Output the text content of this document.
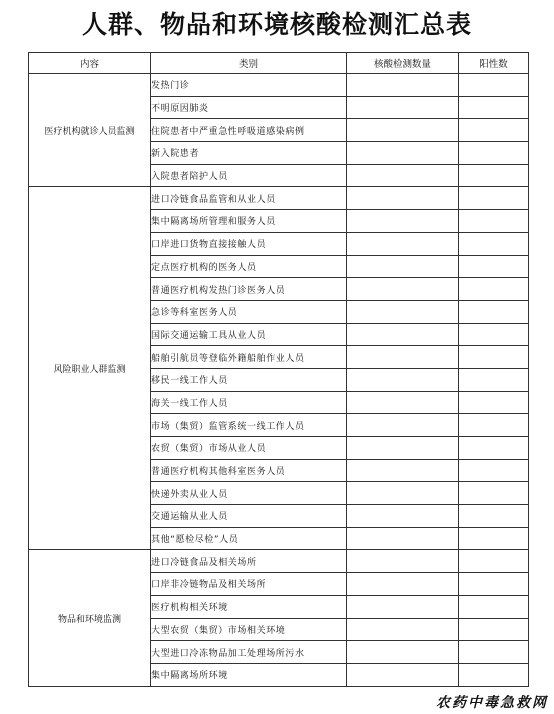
人群、物品和环境核酸检测汇总表
内容	类别	核酸检测数量	阳性数
医疗机构就诊人员监测	发热门诊		
	不明原因肺炎		
	住院患者中严重急性呼吸道感染病例		
	新入院患者		
	入院患者陪护人员		
风险职业人群监测	进口冷链食品监管和从业人员		
	集中隔离场所管理和服务人员		
	口岸进口货物直接接触人员		
	定点医疗机构的医务人员		
	普通医疗机构发热门诊医务人员		
	急诊等科室医务人员		
	国际交通运输工具从业人员		
	船舶引航员等登临外籍船舶作业人员		
	移民一线工作人员		
	海关一线工作人员		
	市场（集贸）监管系统一线工作人员		
	农贸（集贸）市场从业人员		
	普通医疗机构其他科室医务人员		
	快递外卖从业人员		
	交通运输从业人员		
	其他“愿检尽检”人员		
物品和环境监测	进口冷链食品及相关场所		
	口岸非冷链物品及相关场所		
	医疗机构相关环境		
	大型农贸（集贸）市场相关环境		
	大型进口冷冻物品加工处理场所污水		
	集中隔离场所环境		
农药中毒急救网
